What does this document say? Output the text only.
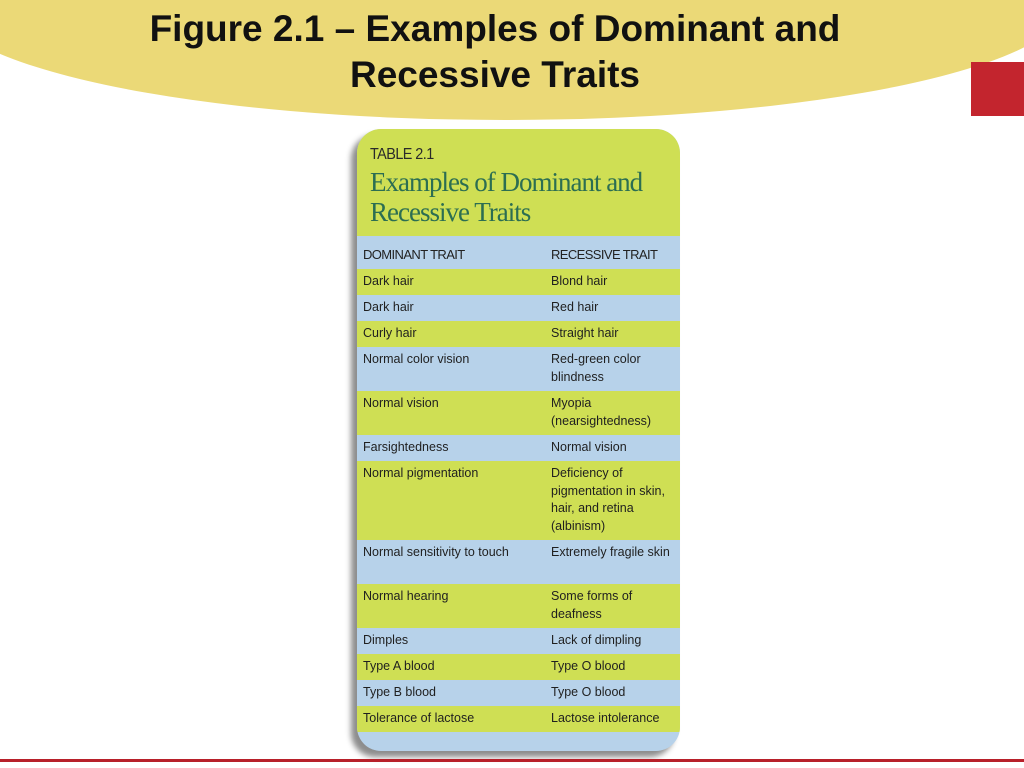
Figure 2.1 – Examples of Dominant and
Recessive Traits
TABLE 2.1
Examples of Dominant and
Recessive Traits
DOMINANT TRAIT	RECESSIVE TRAIT
Dark hair	Blond hair
Dark hair	Red hair
Curly hair	Straight hair
Normal color vision	Red-green color blindness
Normal vision	Myopia (nearsightedness)
Farsightedness	Normal vision
Normal pigmentation	Deficiency of pigmentation in skin, hair, and retina (albinism)
Normal sensitivity to touch	Extremely fragile skin
Normal hearing	Some forms of deafness
Dimples	Lack of dimpling
Type A blood	Type O blood
Type B blood	Type O blood
Tolerance of lactose	Lactose intolerance
